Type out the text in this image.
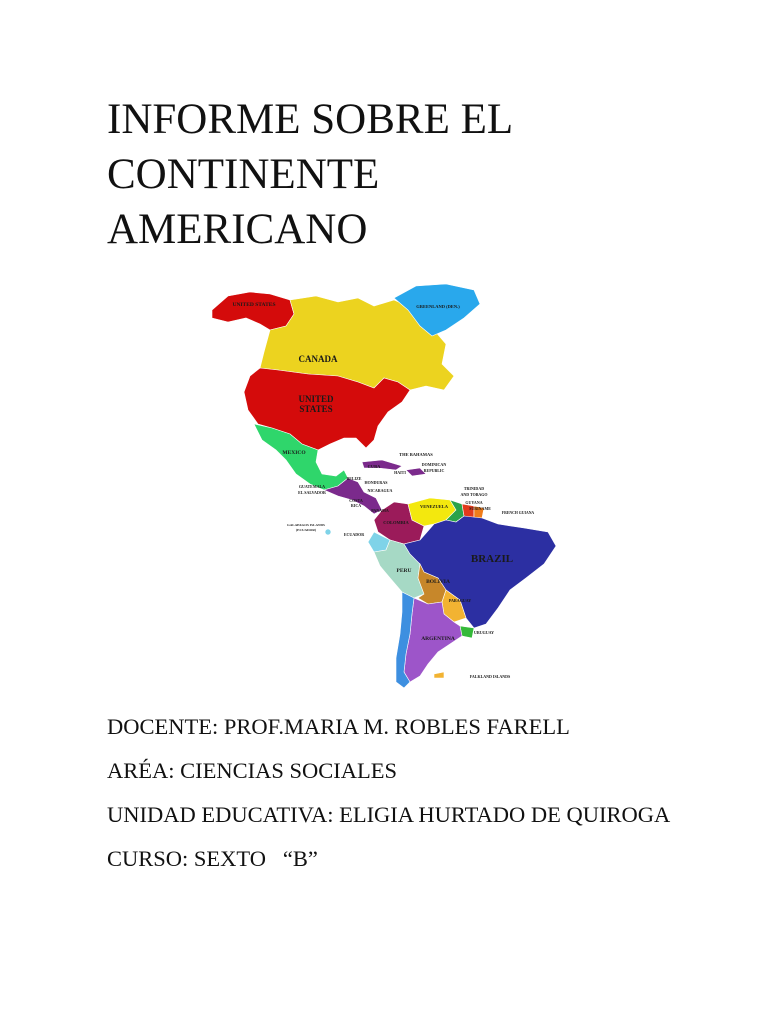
INFORME SOBRE EL
CONTINENTE
AMERICANO
UNITED STATES	GREENLAND (DEN.)
CANADA
UNITED
STATES
MEXICO	THE BAHAMAS
CUBA
HAITI
DOMINICAN
REPUBLIC
BELIZE
HONDURAS
GUATEMALA
EL SALVADOR	NICARAGUA
COSTA
RICA
PANAMA
TRINIDAD
AND TOBAGO
VENEZUELA
GUYANA
SURINAME
FRENCH GUIANA
COLOMBIA
GALAPAGOS ISLANDS
(ECUADOR)
ECUADOR
BRAZIL
PERU
BOLIVIA
PARAGUAY
ARGENTINA
URUGUAY
FALKLAND ISLANDS

DOCENTE: PROF.MARIA M. ROBLES FARELL

ARÉA: CIENCIAS SOCIALES

UNIDAD EDUCATIVA: ELIGIA HURTADO DE QUIROGA

CURSO: SEXTO   “B”
